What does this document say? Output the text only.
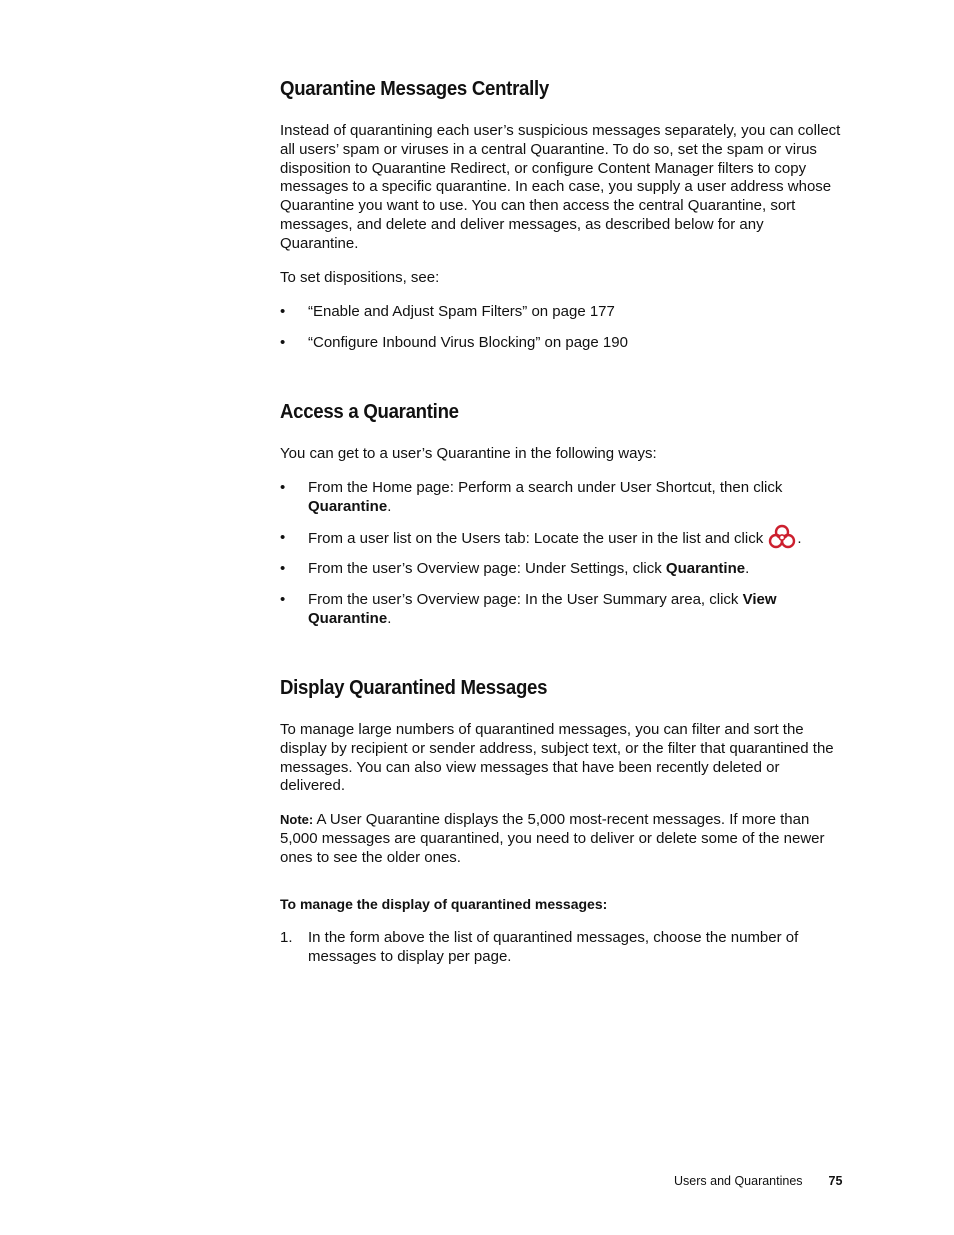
Quarantine Messages Centrally

Instead of quarantining each user’s suspicious messages separately, you can collect all users’ spam or viruses in a central Quarantine. To do so, set the spam or virus disposition to Quarantine Redirect, or configure Content Manager filters to copy messages to a specific quarantine. In each case, you supply a user address whose Quarantine you want to use. You can then access the central Quarantine, sort messages, and delete and deliver messages, as described below for any Quarantine.

To set dispositions, see:

• “Enable and Adjust Spam Filters” on page 177
• “Configure Inbound Virus Blocking” on page 190
Access a Quarantine

You can get to a user’s Quarantine in the following ways:

• From the Home page: Perform a search under User Shortcut, then click Quarantine.
• From a user list on the Users tab: Locate the user in the list and click .
• From the user’s Overview page: Under Settings, click Quarantine.
• From the user’s Overview page: In the User Summary area, click View Quarantine.
Display Quarantined Messages

To manage large numbers of quarantined messages, you can filter and sort the display by recipient or sender address, subject text, or the filter that quarantined the messages. You can also view messages that have been recently deleted or delivered.

Note: A User Quarantine displays the 5,000 most-recent messages. If more than 5,000 messages are quarantined, you need to deliver or delete some of the newer ones to see the older ones.

To manage the display of quarantined messages:
1. In the form above the list of quarantined messages, choose the number of messages to display per page.
Users and Quarantines 75
